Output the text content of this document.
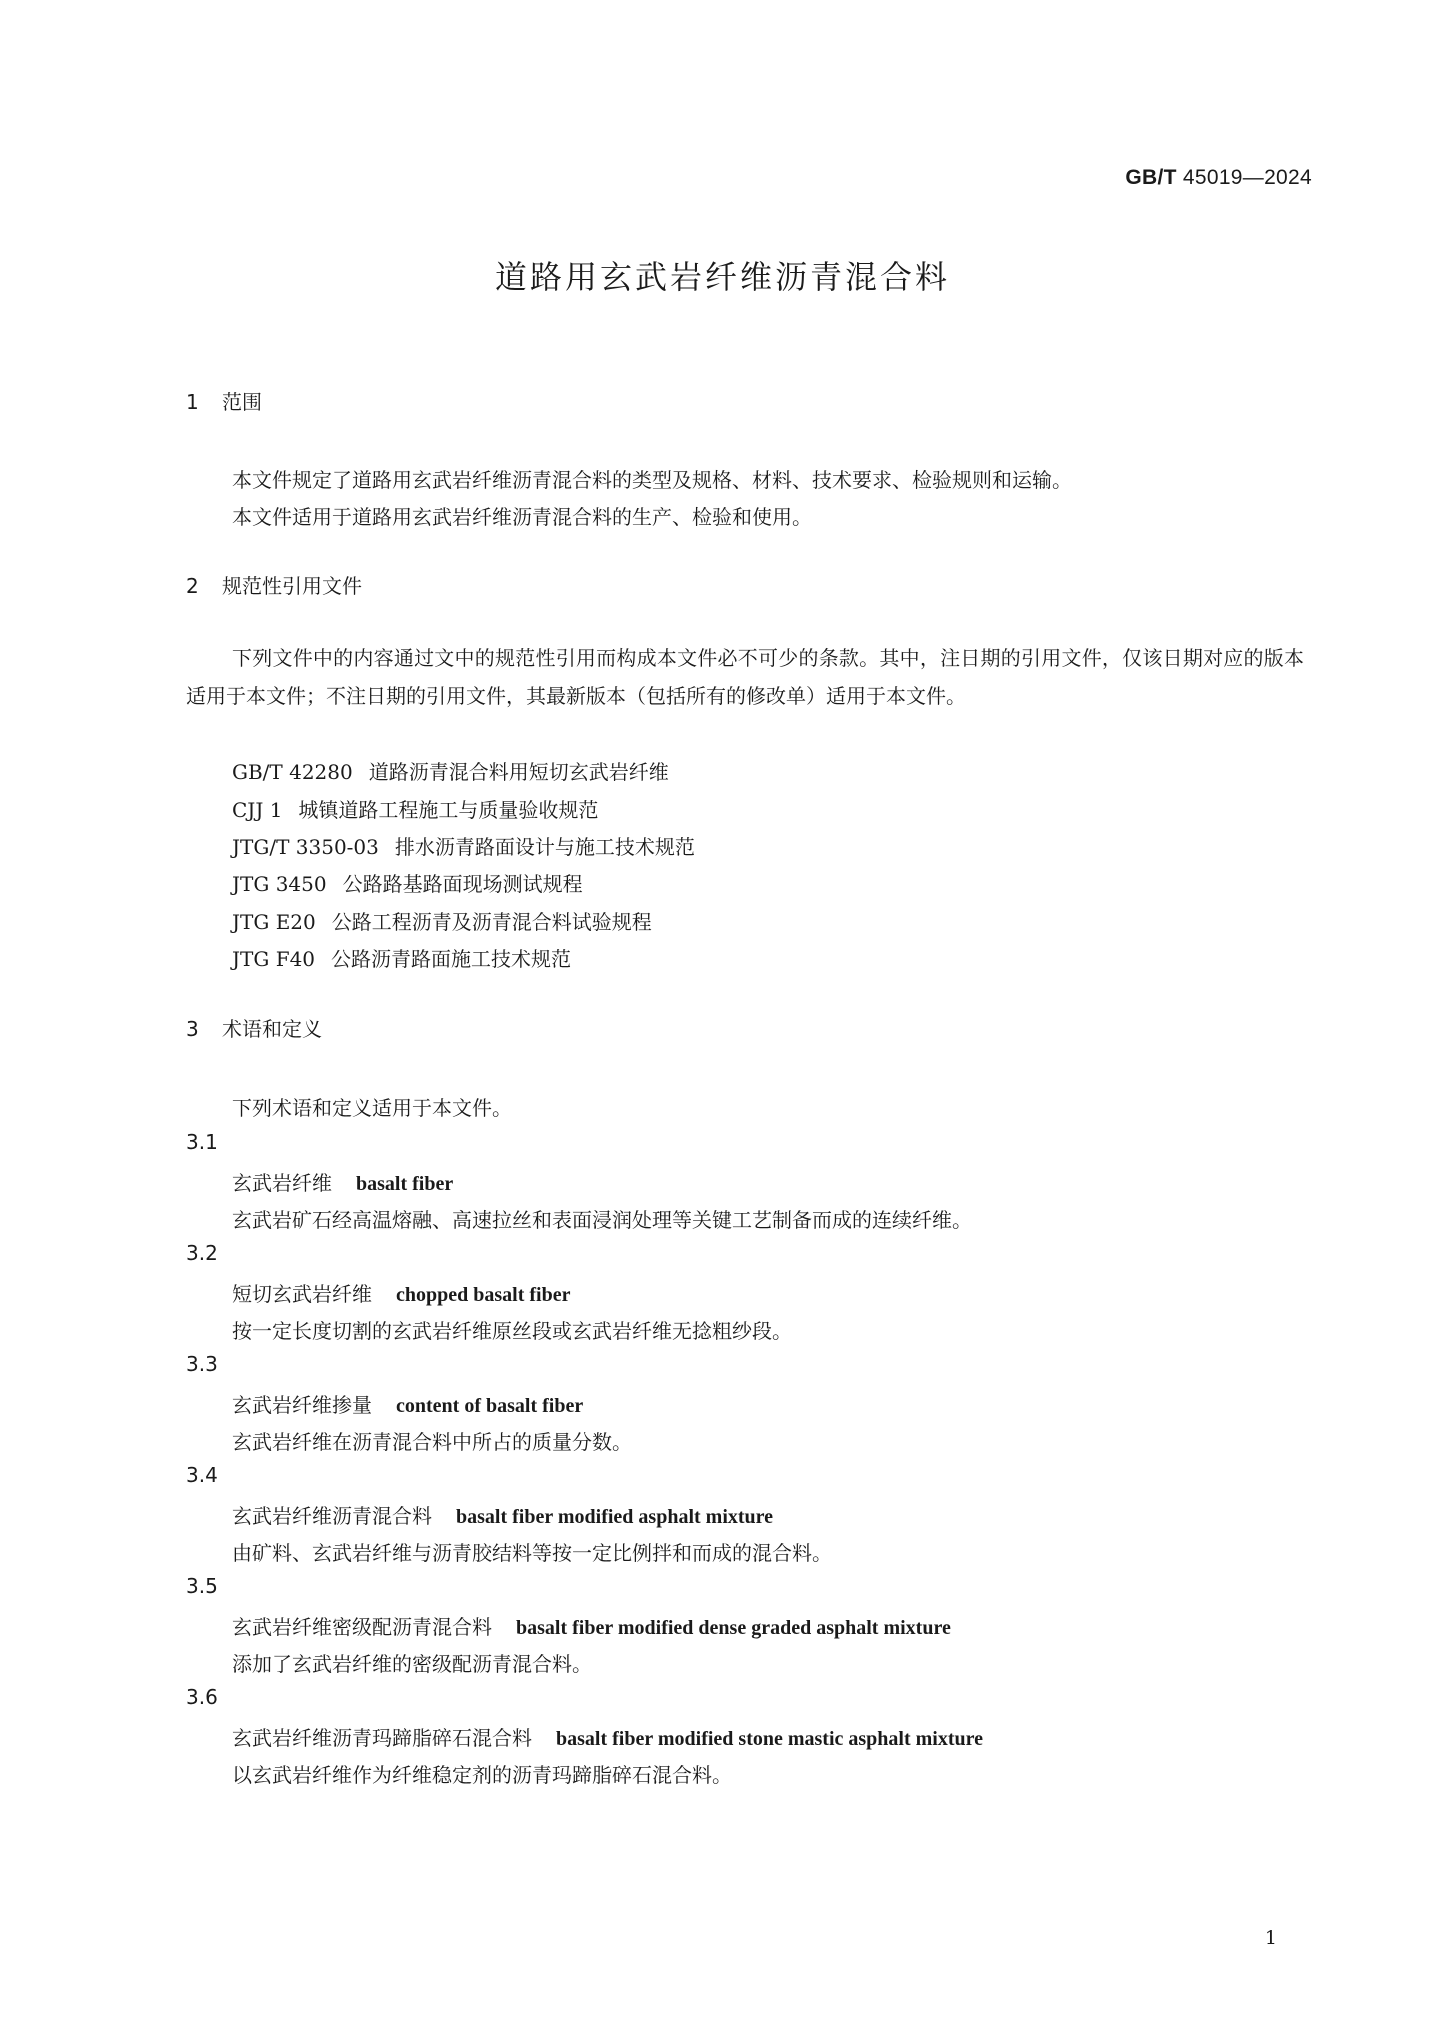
GB/T 45019—2024
道路用玄武岩纤维沥青混合料
1 范围
本文件规定了道路用玄武岩纤维沥青混合料的类型及规格、材料、技术要求、检验规则和运输。
本文件适用于道路用玄武岩纤维沥青混合料的生产、检验和使用。
2 规范性引用文件
下列文件中的内容通过文中的规范性引用而构成本文件必不可少的条款。其中，注日期的引用文件，仅该日期对应的版本适用于本文件；不注日期的引用文件，其最新版本（包括所有的修改单）适用于本文件。
GB/T 42280 道路沥青混合料用短切玄武岩纤维
CJJ 1 城镇道路工程施工与质量验收规范
JTG/T 3350-03 排水沥青路面设计与施工技术规范
JTG 3450 公路路基路面现场测试规程
JTG E20 公路工程沥青及沥青混合料试验规程
JTG F40 公路沥青路面施工技术规范
3 术语和定义
下列术语和定义适用于本文件。
3.1
玄武岩纤维 basalt fiber
玄武岩矿石经高温熔融、高速拉丝和表面浸润处理等关键工艺制备而成的连续纤维。
3.2
短切玄武岩纤维 chopped basalt fiber
按一定长度切割的玄武岩纤维原丝段或玄武岩纤维无捻粗纱段。
3.3
玄武岩纤维掺量 content of basalt fiber
玄武岩纤维在沥青混合料中所占的质量分数。
3.4
玄武岩纤维沥青混合料 basalt fiber modified asphalt mixture
由矿料、玄武岩纤维与沥青胶结料等按一定比例拌和而成的混合料。
3.5
玄武岩纤维密级配沥青混合料 basalt fiber modified dense graded asphalt mixture
添加了玄武岩纤维的密级配沥青混合料。
3.6
玄武岩纤维沥青玛蹄脂碎石混合料 basalt fiber modified stone mastic asphalt mixture
以玄武岩纤维作为纤维稳定剂的沥青玛蹄脂碎石混合料。
1
